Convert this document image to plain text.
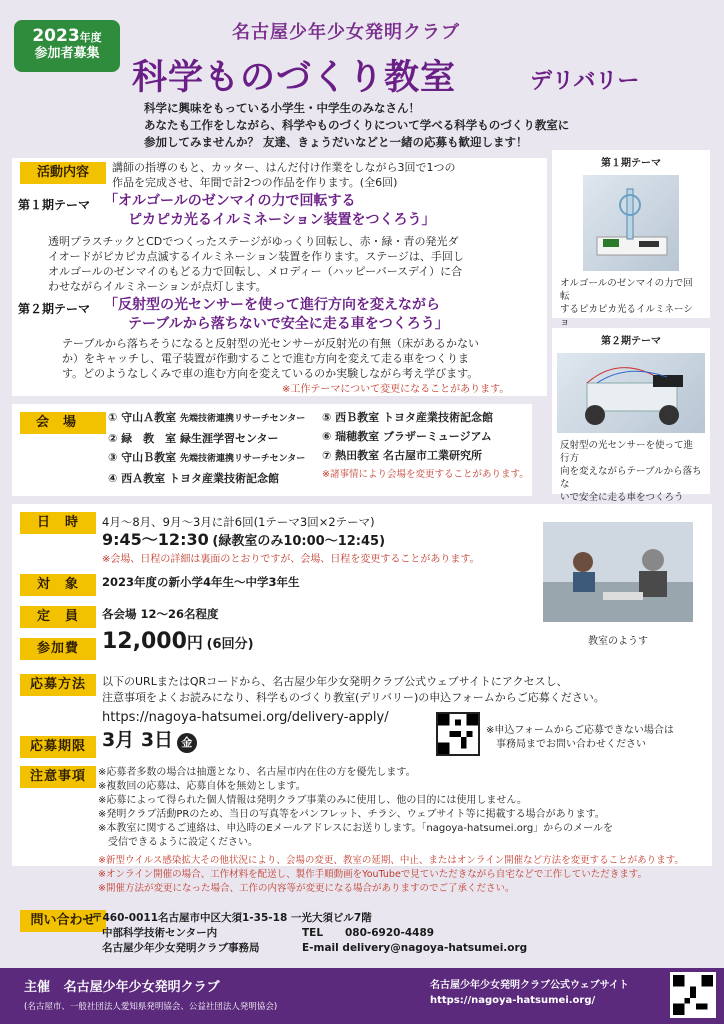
2023年度
参加者募集
名古屋少年少女発明クラブ
科学ものづくり教室	デリバリー
科学に興味をもっている小学生・中学生のみなさん！
あなたも工作をしながら、科学やものづくりについて学べる科学ものづくり教室に
参加してみませんか？ 友達、きょうだいなどと一緒の応募も歓迎します！
活動内容	講師の指導のもと、カッター、はんだ付け作業をしながら3回で1つの
作品を完成させ、年間で計2つの作品を作ります。(全6回)
第１期テーマ 「オルゴールのゼンマイの力で回転する
ピカピカ光るイルミネーション装置をつくろう」
透明プラスチックとCDでつくったステージがゆっくり回転し、赤・緑・青の発光ダ
イオードがピカピカ点滅するイルミネーション装置を作ります。ステージは、手回し
オルゴールのゼンマイのもどる力で回転し、メロディー（ハッピーバースデイ）に合
わせながらイルミネーションが点灯します。
第２期テーマ 「反射型の光センサーを使って進行方向を変えながら
テーブルから落ちないで安全に走る車をつくろう」
テーブルから落ちそうになると反射型の光センサーが反射光の有無（床があるかない
か）をキャッチし、電子装置が作動することで進む方向を変えて走る車をつくりま
す。どのようなしくみで車の進む方向を変えているのか実験しながら考え学びます。
※工作テーマについて変更になることがあります。
第１期テーマ
オルゴールのゼンマイの力で回転
するピカピカ光るイルミネーショ
第２期テーマ
反射型の光センサーを使って進行方
向を変えながらテーブルから落ちな
いで安全に走る車をつくろう
会場	① 守山Ａ教室 先端技術連携リサーチセンター
② 緑　教　室 緑生涯学習センター
③ 守山Ｂ教室 先端技術連携リサーチセンター
④ 西Ａ教室 トヨタ産業技術記念館
⑤ 西Ｂ教室 トヨタ産業技術記念館
⑥ 瑞穂教室 ブラザーミュージアム
⑦ 熱田教室 名古屋市工業研究所
※諸事情により会場を変更することがあります。
日　時	4月〜8月、9月〜3月に計6回(1テーマ3回×2テーマ)
9:45〜12:30 (緑教室のみ10:00〜12:45)
※会場、日程の詳細は裏面のとおりですが、会場、日程を変更することがあります。
対　象	2023年度の新小学4年生〜中学3年生
定　員	各会場 12〜26名程度
参加費	12,000円 (6回分)	教室のようす
応募方法	以下のURLまたはQRコードから、名古屋少年少女発明クラブ公式ウェブサイトにアクセスし、
注意事項をよくお読みになり、科学ものづくり教室(デリバリー)の申込フォームからご応募ください。
https://nagoya-hatsumei.org/delivery-apply/
※申込フォームからご応募できない場合は
事務局までお問い合わせください
応募期限 3月 3日 金
注意事項	※応募者多数の場合は抽選となり、名古屋市内在住の方を優先します。
※複数回の応募は、応募自体を無効とします。
※応募によって得られた個人情報は発明クラブ事業のみに使用し、他の目的には使用しません。
※発明クラブ活動PRのため、当日の写真等をパンフレット、チラシ、ウェブサイト等に掲載する場合があります。
※本教室に関するご連絡は、申込時のEメールアドレスにお送りします。「nagoya-hatsumei.org」からのメールを
　受信できるように設定ください。
※新型ウイルス感染拡大その他状況により、会場の変更、教室の延期、中止、またはオンライン開催など方法を変更することがあります。
※オンライン開催の場合、工作材料を配送し、製作手順動画をYouTubeで見ていただきながら自宅などで工作していただきます。
※開催方法が変更になった場合、工作の内容等が変更になる場合がありますのでご了承ください。
問い合わせ
〒460-0011名古屋市中区大須1-35-18 一光大須ビル7階
中部科学技術センター内
名古屋少年少女発明クラブ事務局
TEL 080-6920-4489
E-mail delivery@nagoya-hatsumei.org
主催 名古屋少年少女発明クラブ
(名古屋市、一般社団法人愛知県発明協会、公益社団法人発明協会)
名古屋少年少女発明クラブ公式ウェブサイト
https://nagoya-hatsumei.org/
